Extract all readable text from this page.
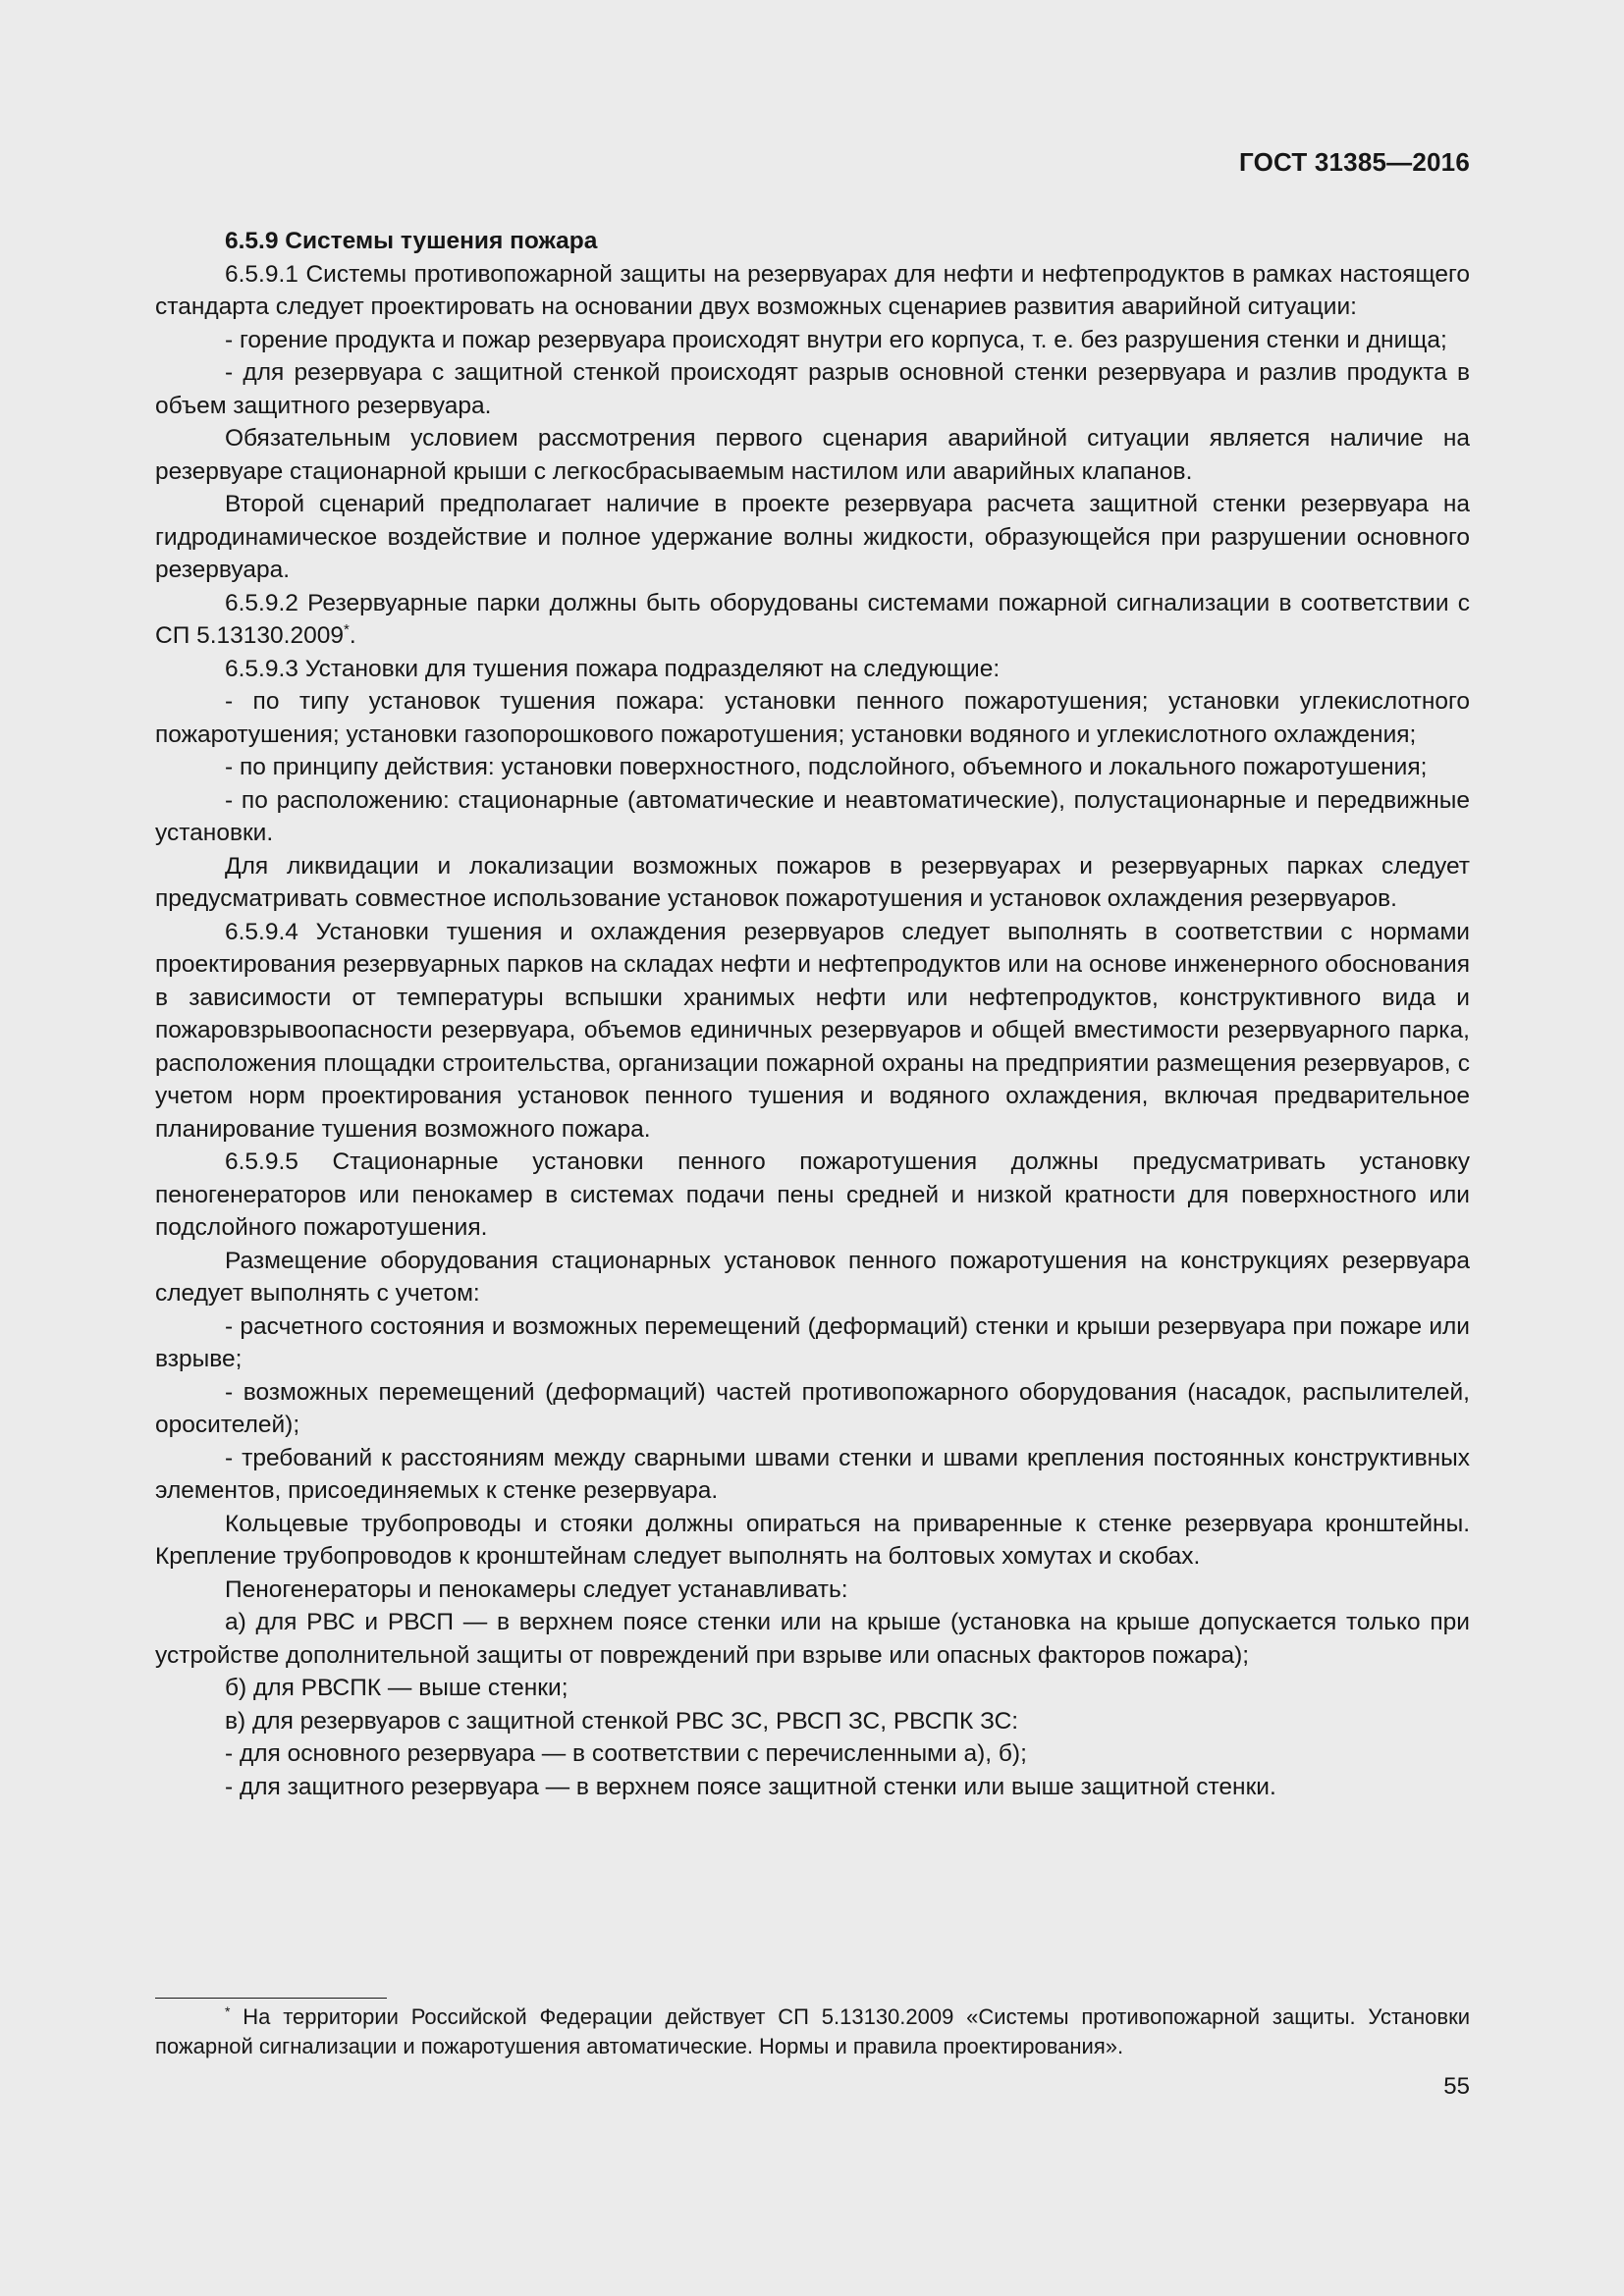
ГОСТ 31385—2016

6.5.9 Системы тушения пожара

6.5.9.1 Системы противопожарной защиты на резервуарах для нефти и нефтепродуктов в рамках настоящего стандарта следует проектировать на основании двух возможных сценариев развития аварийной ситуации:

- горение продукта и пожар резервуара происходят внутри его корпуса, т. е. без разрушения стенки и днища;

- для резервуара с защитной стенкой происходят разрыв основной стенки резервуара и разлив продукта в объем защитного резервуара.

Обязательным условием рассмотрения первого сценария аварийной ситуации является наличие на резервуаре стационарной крыши с легкосбрасываемым настилом или аварийных клапанов.

Второй сценарий предполагает наличие в проекте резервуара расчета защитной стенки резервуара на гидродинамическое воздействие и полное удержание волны жидкости, образующейся при разрушении основного резервуара.

6.5.9.2 Резервуарные парки должны быть оборудованы системами пожарной сигнализации в соответствии с СП 5.13130.2009*.

6.5.9.3 Установки для тушения пожара подразделяют на следующие:

- по типу установок тушения пожара: установки пенного пожаротушения; установки углекислотного пожаротушения; установки газопорошкового пожаротушения; установки водяного и углекислотного охлаждения;

- по принципу действия: установки поверхностного, подслойного, объемного и локального пожаротушения;

- по расположению: стационарные (автоматические и неавтоматические), полустационарные и передвижные установки.

Для ликвидации и локализации возможных пожаров в резервуарах и резервуарных парках следует предусматривать совместное использование установок пожаротушения и установок охлаждения резервуаров.

6.5.9.4 Установки тушения и охлаждения резервуаров следует выполнять в соответствии с нормами проектирования резервуарных парков на складах нефти и нефтепродуктов или на основе инженерного обоснования в зависимости от температуры вспышки хранимых нефти или нефтепродуктов, конструктивного вида и пожаровзрывоопасности резервуара, объемов единичных резервуаров и общей вместимости резервуарного парка, расположения площадки строительства, организации пожарной охраны на предприятии размещения резервуаров, с учетом норм проектирования установок пенного тушения и водяного охлаждения, включая предварительное планирование тушения возможного пожара.

6.5.9.5 Стационарные установки пенного пожаротушения должны предусматривать установку пеногенераторов или пенокамер в системах подачи пены средней и низкой кратности для поверхностного или подслойного пожаротушения.

Размещение оборудования стационарных установок пенного пожаротушения на конструкциях резервуара следует выполнять с учетом:

- расчетного состояния и возможных перемещений (деформаций) стенки и крыши резервуара при пожаре или взрыве;

- возможных перемещений (деформаций) частей противопожарного оборудования (насадок, распылителей, оросителей);

- требований к расстояниям между сварными швами стенки и швами крепления постоянных конструктивных элементов, присоединяемых к стенке резервуара.

Кольцевые трубопроводы и стояки должны опираться на приваренные к стенке резервуара кронштейны. Крепление трубопроводов к кронштейнам следует выполнять на болтовых хомутах и скобах.

Пеногенераторы и пенокамеры следует устанавливать:

а) для РВС и РВСП — в верхнем поясе стенки или на крыше (установка на крыше допускается только при устройстве дополнительной защиты от повреждений при взрыве или опасных факторов пожара);

б) для РВСПК — выше стенки;

в) для резервуаров с защитной стенкой РВС ЗС, РВСП ЗС, РВСПК ЗС:

- для основного резервуара — в соответствии с перечисленными а), б);

- для защитного резервуара — в верхнем поясе защитной стенки или выше защитной стенки.

* На территории Российской Федерации действует СП 5.13130.2009 «Системы противопожарной защиты. Установки пожарной сигнализации и пожаротушения автоматические. Нормы и правила проектирования».

55
